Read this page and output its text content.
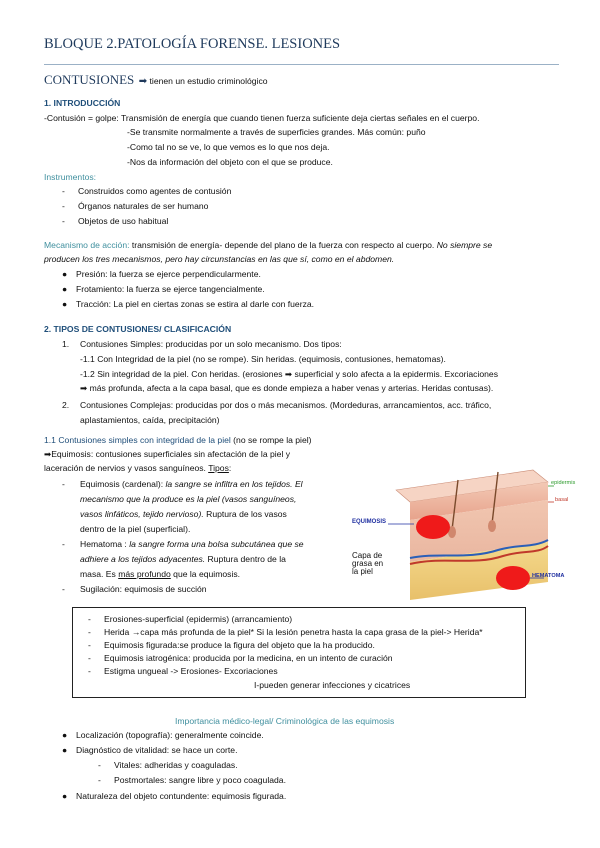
BLOQUE 2.PATOLOGÍA FORENSE. LESIONES
CONTUSIONES ➡ tienen un estudio criminológico
1. INTRODUCCIÓN
-Contusión = golpe: Transmisión de energía que cuando tienen fuerza suficiente deja ciertas señales en el cuerpo.
-Se transmite normalmente a través de superficies grandes. Más común: puño
-Como tal no se ve, lo que vemos es lo que nos deja.
-Nos da información del objeto con el que se produce.
Instrumentos:
- Construidos como agentes de contusión
- Órganos naturales de ser humano
- Objetos de uso habitual
Mecanismo de acción: transmisión de energía- depende del plano de la fuerza con respecto al cuerpo. No siempre se
producen los tres mecanismos, pero hay circunstancias en las que sí, como en el abdomen.
● Presión: la fuerza se ejerce perpendicularmente.
● Frotamiento: la fuerza se ejerce tangencialmente.
● Tracción: La piel en ciertas zonas se estira al darle con fuerza.
2. TIPOS DE CONTUSIONES/ CLASIFICACIÓN
1. Contusiones Simples: producidas por un solo mecanismo. Dos tipos:
-1.1 Con Integridad de la piel (no se rompe). Sin heridas. (equimosis, contusiones, hematomas).
-1.2 Sin integridad de la piel. Con heridas. (erosiones ➡ superficial y solo afecta a la epidermis. Excoriaciones
➡ más profunda, afecta a la capa basal, que es donde empieza a haber venas y arterias. Heridas contusas).
2. Contusiones Complejas: producidas por dos o más mecanismos. (Mordeduras, arrancamientos, acc. tráfico,
aplastamientos, caída, precipitación)
1.1 Contusiones simples con integridad de la piel (no se rompe la piel)
➡Equimosis: contusiones superficiales sin afectación de la piel y
laceración de nervios y vasos sanguíneos. Tipos:
- Equimosis (cardenal): la sangre se infiltra en los tejidos. El
mecanismo que la produce es la piel (vasos sanguíneos,
vasos linfáticos, tejido nervioso). Ruptura de los vasos
dentro de la piel (superficial).
- Hematoma : la sangre forma una bolsa subcutánea que se
adhiere a los tejidos adyacentes. Ruptura dentro de la
masa. Es más profundo que la equimosis.
- Sugilación: equimosis de succión
epidermis
basal
EQUIMOSIS
Capa de
grasa en
la piel	HEMATOMA
- Erosiones-superficial (epidermis) (arrancamiento)
- Herida →capa más profunda de la piel* Si la lesión penetra hasta la capa grasa de la piel-> Herida*
- Equimosis figurada:se produce la figura del objeto que la ha producido.
- Equimosis iatrogénica: producida por la medicina, en un intento de curación
- Estigma ungueal -> Erosiones- Excoriaciones
I-pueden generar infecciones y cicatrices
Importancia médico-legal/ Criminológica de las equimosis
● Localización (topografía): generalmente coincide.
● Diagnóstico de vitalidad: se hace un corte.
- Vitales: adheridas y coaguladas.
- Postmortales: sangre libre y poco coagulada.
● Naturaleza del objeto contundente: equimosis figurada.
